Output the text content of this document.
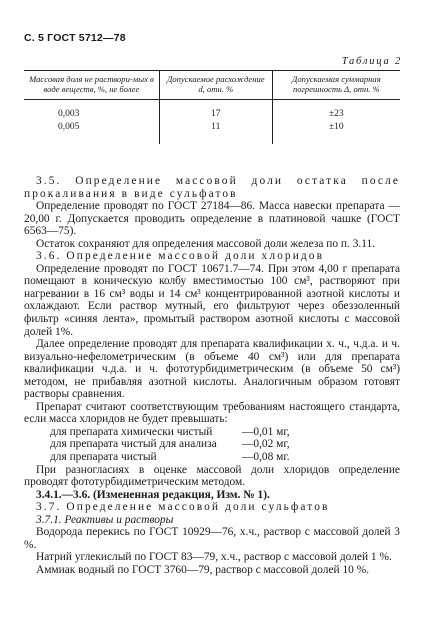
С. 5 ГОСТ 5712—78
Таблица 2
Массовая доля не раствори-мых в воде веществ, %, не более	Допускаемое расхождение d, отн. %	Допускаемая суммарная погрешность Δ, отн. %
0,003	17	±23
0,005	11	±10

3.5. Определение массовой доли остатка после прокаливания в виде сульфатов

Определение проводят по ГОСТ 27184—86. Масса навески препарата — 20,00 г. Допускается проводить определение в платиновой чашке (ГОСТ 6563—75).

Остаток сохраняют для определения массовой доли железа по п. 3.11.

3.6. Определение массовой доли хлоридов

Определение проводят по ГОСТ 10671.7—74. При этом 4,00 г препарата помещают в коническую колбу вместимостью 100 см³, растворяют при нагревании в 16 см³ воды и 14 см³ концентрированной азотной кислоты и охлаждают. Если раствор мутный, его фильтруют через обеззоленный фильтр «синяя лента», промытый раствором азотной кислоты с массовой долей 1%.

Далее определение проводят для препарата квалификации х. ч., ч.д.а. и ч. визуально-нефелометрическим (в объеме 40 см³) или для препарата квалификации ч.д.а. и ч. фототурбидиметрическим (в объеме 50 см³) методом, не прибавляя азотной кислоты. Аналогичным образом готовят растворы сравнения.

Препарат считают соответствующим требованиям настоящего стандарта, если масса хлоридов не будет превышать:

для препарата химически чистый	—0,01 мг,
для препарата чистый для анализа	—0,02 мг,
для препарата чистый	—0,08 мг.

При разногласиях в оценке массовой доли хлоридов определение проводят фототурбидиметрическим методом.

3.4.1.—3.6. (Измененная редакция, Изм. № 1).

3.7. Определение массовой доли сульфатов

3.7.1. Реактивы и растворы

Водорода перекись по ГОСТ 10929—76, х.ч., раствор с массовой долей 3 %.

Натрий углекислый по ГОСТ 83—79, х.ч., раствор с массовой долей 1 %.

Аммиак водный по ГОСТ 3760—79, раствор с массовой долей 10 %.
